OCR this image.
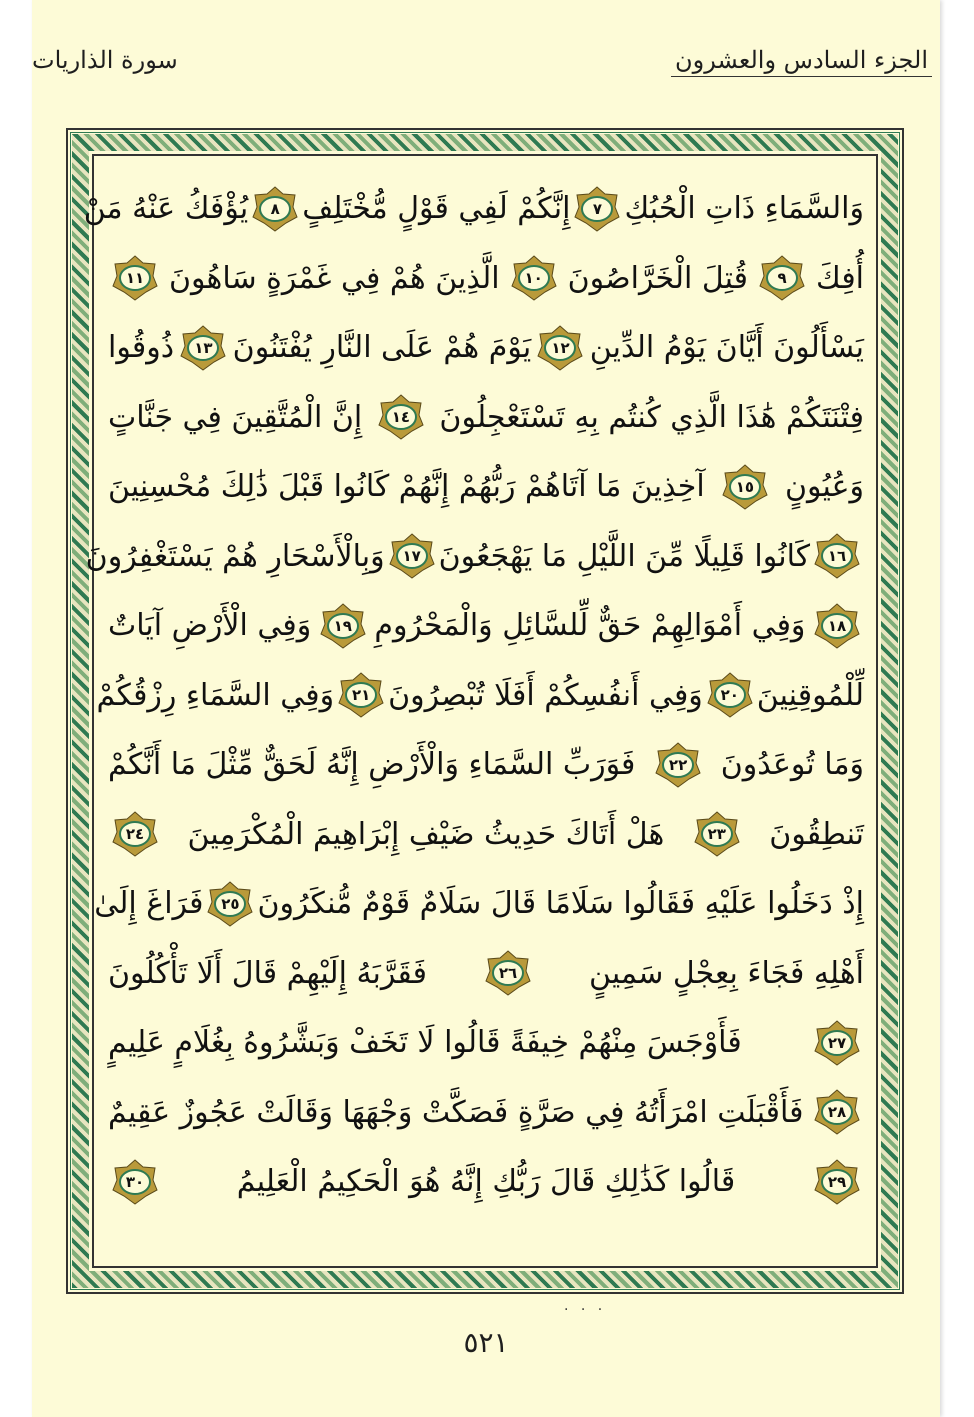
الجزء السادس والعشرون
سورة الذاريات
وَالسَّمَاءِ ذَاتِ الْحُبُكِ
٧
إِنَّكُمْ لَفِي قَوْلٍ مُّخْتَلِفٍ
٨
يُؤْفَكُ عَنْهُ مَنْ
أُفِكَ
٩
قُتِلَ الْخَرَّاصُونَ
١٠
الَّذِينَ هُمْ فِي غَمْرَةٍ سَاهُونَ
١١
يَسْأَلُونَ أَيَّانَ يَوْمُ الدِّينِ
١٢
يَوْمَ هُمْ عَلَى النَّارِ يُفْتَنُونَ
١٣
ذُوقُوا
فِتْنَتَكُمْ هَٰذَا الَّذِي كُنتُم بِهِ تَسْتَعْجِلُونَ
١٤
إِنَّ الْمُتَّقِينَ فِي جَنَّاتٍ
وَعُيُونٍ
١٥
آخِذِينَ مَا آتَاهُمْ رَبُّهُمْ إِنَّهُمْ كَانُوا قَبْلَ ذَٰلِكَ مُحْسِنِينَ
١٦
كَانُوا قَلِيلًا مِّنَ اللَّيْلِ مَا يَهْجَعُونَ
١٧
وَبِالْأَسْحَارِ هُمْ يَسْتَغْفِرُونَ
١٨
وَفِي أَمْوَالِهِمْ حَقٌّ لِّلسَّائِلِ وَالْمَحْرُومِ
١٩
وَفِي الْأَرْضِ آيَاتٌ
لِّلْمُوقِنِينَ
٢٠
وَفِي أَنفُسِكُمْ أَفَلَا تُبْصِرُونَ
٢١
وَفِي السَّمَاءِ رِزْقُكُمْ
وَمَا تُوعَدُونَ
٢٢
فَوَرَبِّ السَّمَاءِ وَالْأَرْضِ إِنَّهُ لَحَقٌّ مِّثْلَ مَا أَنَّكُمْ
تَنطِقُونَ
٢٣
هَلْ أَتَاكَ حَدِيثُ ضَيْفِ إِبْرَاهِيمَ الْمُكْرَمِينَ
٢٤
إِذْ دَخَلُوا عَلَيْهِ فَقَالُوا سَلَامًا قَالَ سَلَامٌ قَوْمٌ مُّنكَرُونَ
٢٥
فَرَاغَ إِلَىٰ
أَهْلِهِ فَجَاءَ بِعِجْلٍ سَمِينٍ
٢٦
فَقَرَّبَهُ إِلَيْهِمْ قَالَ أَلَا تَأْكُلُونَ
٢٧
فَأَوْجَسَ مِنْهُمْ خِيفَةً قَالُوا لَا تَخَفْ وَبَشَّرُوهُ بِغُلَامٍ عَلِيمٍ
٢٨
فَأَقْبَلَتِ امْرَأَتُهُ فِي صَرَّةٍ فَصَكَّتْ وَجْهَهَا وَقَالَتْ عَجُوزٌ عَقِيمٌ
٢٩
قَالُوا كَذَٰلِكِ قَالَ رَبُّكِ إِنَّهُ هُوَ الْحَكِيمُ الْعَلِيمُ
٣٠
· · ·
٥٢١
